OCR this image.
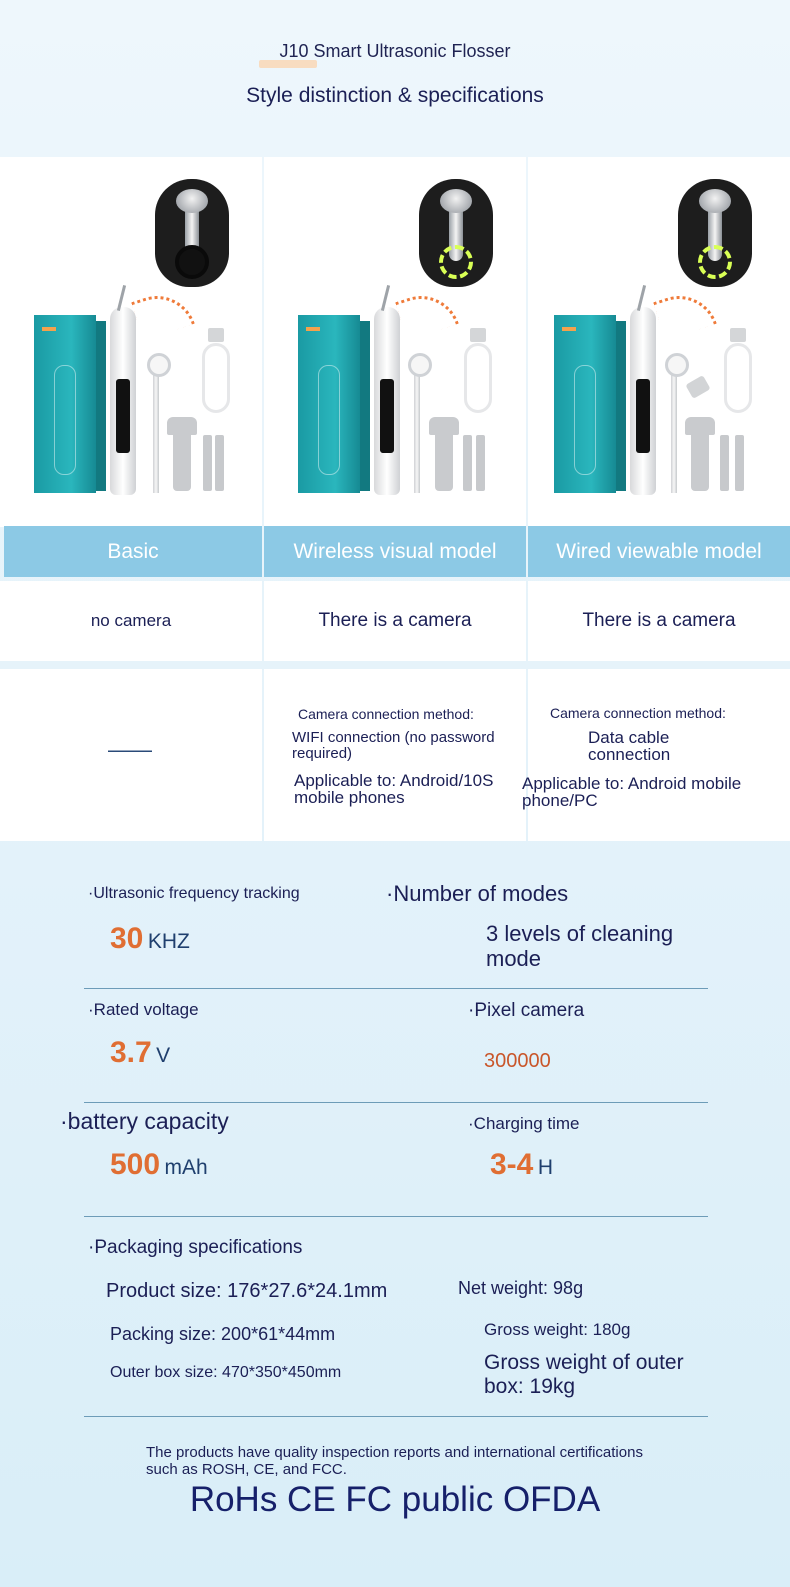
J10 Smart Ultrasonic Flosser
Style distinction & specifications
Basic
no camera
——
Wireless visual model
There is a camera
Camera connection method:
WIFI connection (no password required)
Applicable to: Android/10S mobile phones
Wired viewable model
There is a camera
Camera connection method:
Data cable connection
Applicable to: Android mobile phone/PC
·Ultrasonic frequency tracking
30 KHZ
·Number of modes
3 levels of cleaning mode
·Rated voltage
3.7 V
·Pixel camera
300000
·battery capacity
500 mAh
·Charging time
3-4 H
·Packaging specifications
Product size: 176*27.6*24.1mm
Packing size: 200*61*44mm
Outer box size: 470*350*450mm
Net weight: 98g
Gross weight: 180g
Gross weight of outer box: 19kg
The products have quality inspection reports and international certifications such as ROSH, CE, and FCC.
RoHs CE FC public OFDA
